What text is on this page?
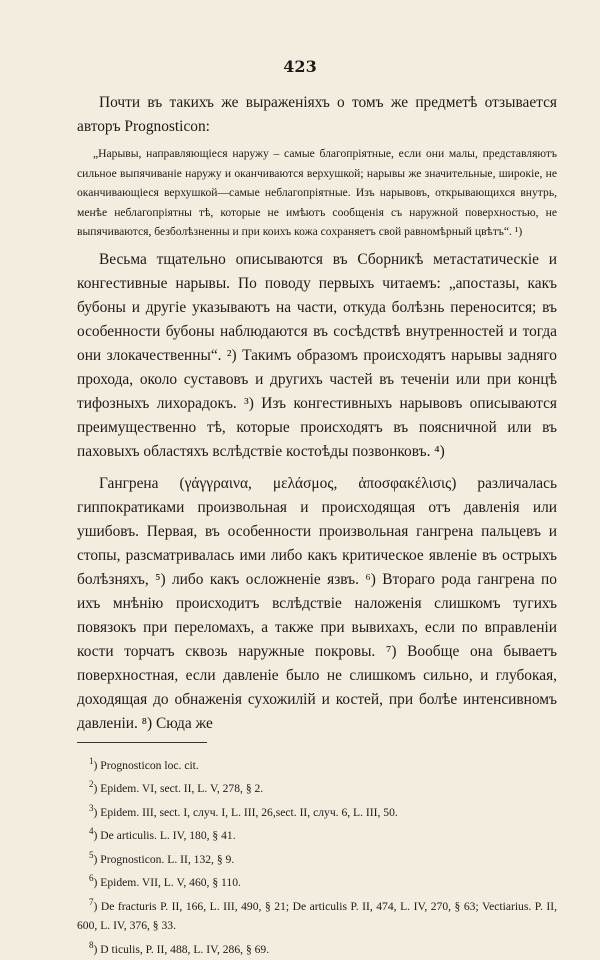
423

Почти въ такихъ же выраженіяхъ о томъ же предметѣ отзывается авторъ Prognosticon:

„Нарывы, направляющіеся наружу – самые благопріятные, если они малы, представляютъ сильное выпячиваніе наружу и оканчиваются верхушкой; нарывы же значительные, широкіе, не оканчивающіеся верхушкой—самые неблагопріятные. Изъ нарывовъ, открывающихся внутрь, менѣе неблагопріятны тѣ, которые не имѣютъ сообщенія съ наружной поверхностью, не выпячиваются, безболѣзненны и при коихъ кожа сохраняетъ свой равномѣрный цвѣтъ“. ¹)

Весьма тщательно описываются въ Сборникѣ метастатическіе и конгестивные нарывы. По поводу первыхъ читаемъ: „апостазы, какъ бубоны и другіе указываютъ на части, откуда болѣзнь переносится; въ особенности бубоны наблюдаются въ сосѣдствѣ внутренностей и тогда они злокачественны“. ²) Такимъ образомъ происходятъ нарывы задняго прохода, около суставовъ и другихъ частей въ теченіи или при концѣ тифозныхъ лихорадокъ. ³) Изъ конгестивныхъ нарывовъ описываются преимущественно тѣ, которые происходятъ въ поясничной или въ паховыхъ областяхъ вслѣдствіе костоѣды позвонковъ. ⁴)

Гангрена (γάγγραινα, μελάσμος, ἀποσφακέλισις) различалась гиппократиками произвольная и происходящая отъ давленія или ушибовъ. Первая, въ особенности произвольная гангрена пальцевъ и стопы, разсматривалась ими либо какъ критическое явленіе въ острыхъ болѣзняхъ, ⁵) либо какъ осложненіе язвъ. ⁶) Втораго рода гангрена по ихъ мнѣнію происходитъ вслѣдствіе наложенія слишкомъ тугихъ повязокъ при переломахъ, а также при вывихахъ, если по вправленіи кости торчатъ сквозь наружные покровы. ⁷) Вообще она бываетъ поверхностная, если давленіе было не слишкомъ сильно, и глубокая, доходящая до обнаженія сухожилій и костей, при болѣе интенсивномъ давленіи. ⁸) Сюда же

$^1$) Prognosticon loc. cit.

$^2$) Epidem. VI, sect. II, L. V, 278, § 2.

$^3$) Epidem. III, sect. I, случ. I, L. III, 26,sect. II, случ. 6, L. III, 50.

$^4$) De articulis. L. IV, 180, § 41.

$^5$) Prognosticon. L. II, 132, § 9.

$^6$) Epidem. VII, L. V, 460, § 110.

$^7$) De fracturis P. II, 166, L. III, 490, § 21; De articulis P. II, 474, L. IV, 270, § 63; Vectiarius. P. II, 600, L. IV, 376, § 33.

$^8$) D ticulis, P. II, 488, L. IV, 286, § 69.
